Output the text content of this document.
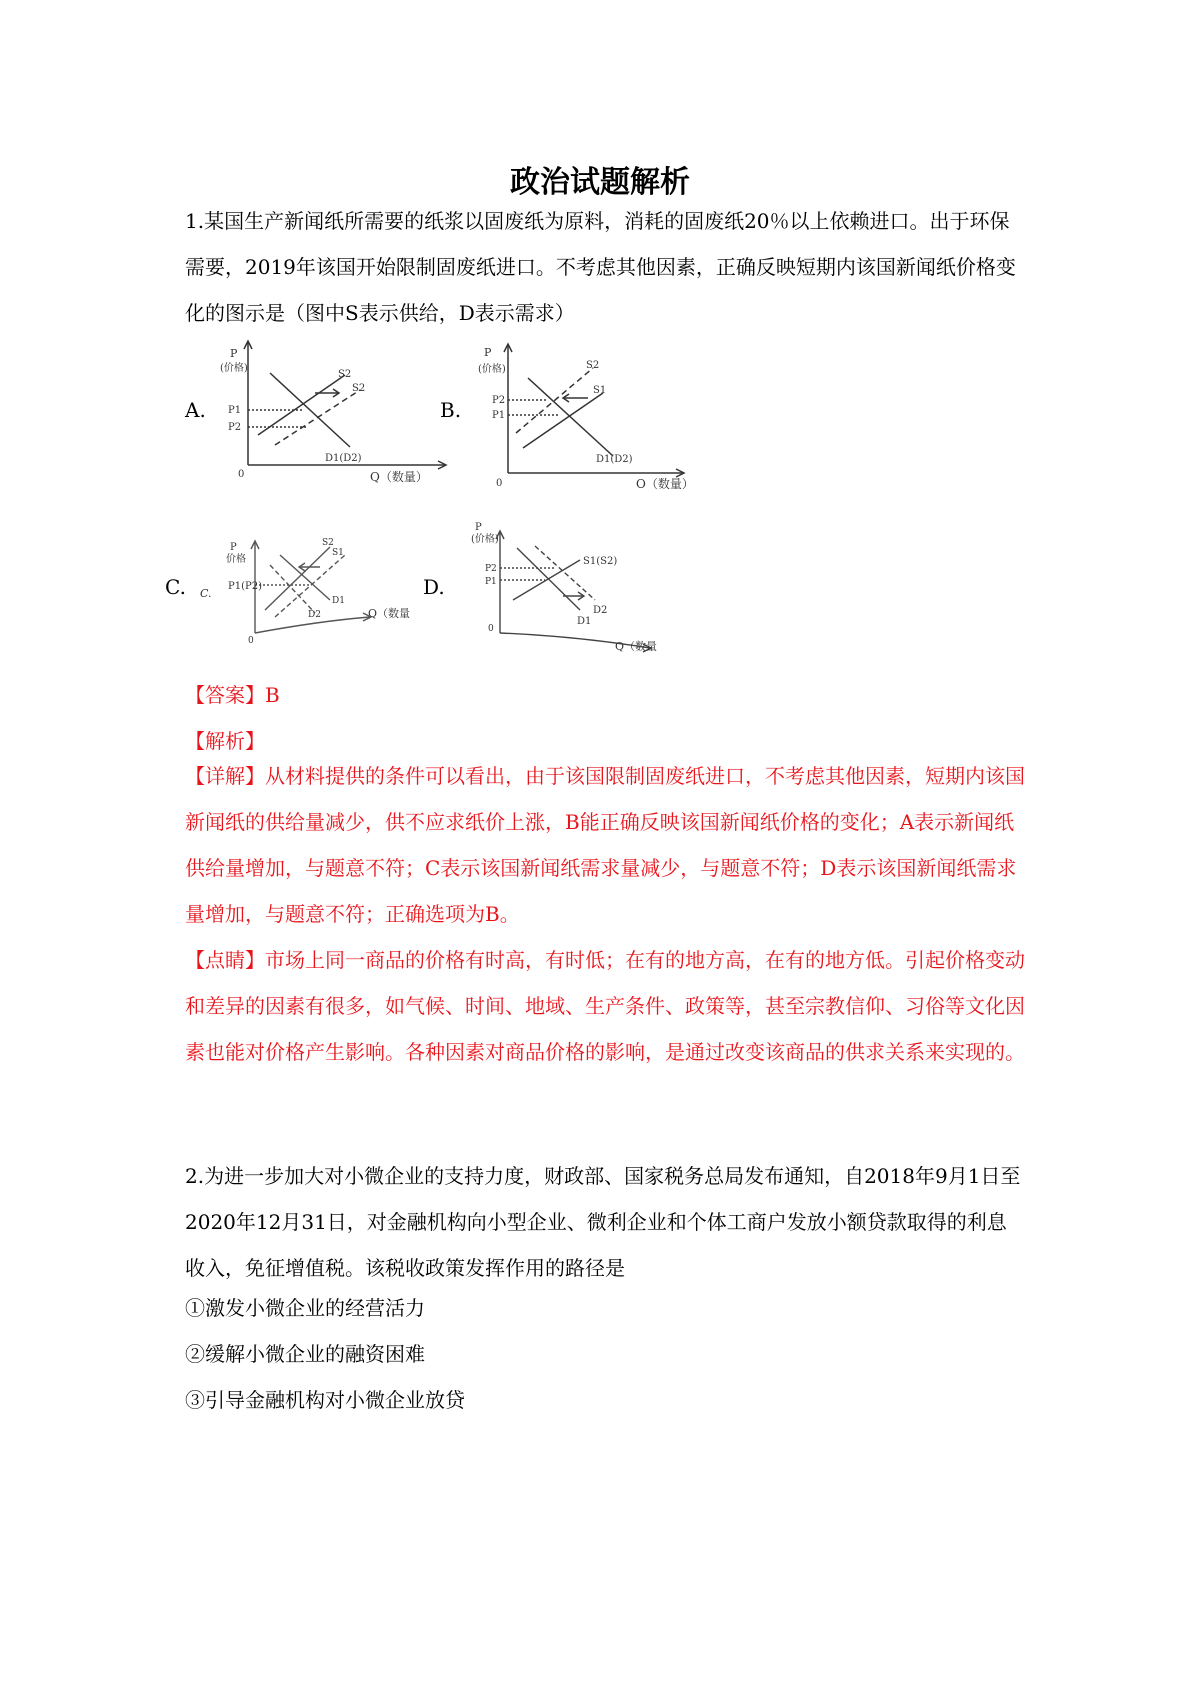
政治试题解析
1.某国生产新闻纸所需要的纸浆以固废纸为原料，消耗的固废纸20％以上依赖进口。出于环保需要，2019年该国开始限制固废纸进口。不考虑其他因素，正确反映短期内该国新闻纸价格变化的图示是（图中S表示供给，D表示需求）
A.
P
(价格)
P1
P2
S2
S2
D1(D2)
0	Q（数量）
B.
P
(价格)
P2
P1
S2
S1
D1(D2)
0	O（数量）
C.
P
价格
P1(P2)
C.
S2
S1
D1
D2
0
Q（数量
D.
P
(价格)
P2
P1
S1(S2)
D2
D1
0
Q（数量
【答案】B
【解析】
【详解】从材料提供的条件可以看出，由于该国限制固废纸进口，不考虑其他因素，短期内该国新闻纸的供给量减少，供不应求纸价上涨，B能正确反映该国新闻纸价格的变化；A表示新闻纸供给量增加，与题意不符；C表示该国新闻纸需求量减少，与题意不符；D表示该国新闻纸需求量增加，与题意不符；正确选项为B。
【点睛】市场上同一商品的价格有时高，有时低；在有的地方高，在有的地方低。引起价格变动和差异的因素有很多，如气候、时间、地域、生产条件、政策等，甚至宗教信仰、习俗等文化因素也能对价格产生影响。各种因素对商品价格的影响，是通过改变该商品的供求关系来实现的。
2.为进一步加大对小微企业的支持力度，财政部、国家税务总局发布通知，自2018年9月1日至2020年12月31日，对金融机构向小型企业、微利企业和个体工商户发放小额贷款取得的利息收入，免征增值税。该税收政策发挥作用的路径是
①激发小微企业的经营活力
②缓解小微企业的融资困难
③引导金融机构对小微企业放贷
